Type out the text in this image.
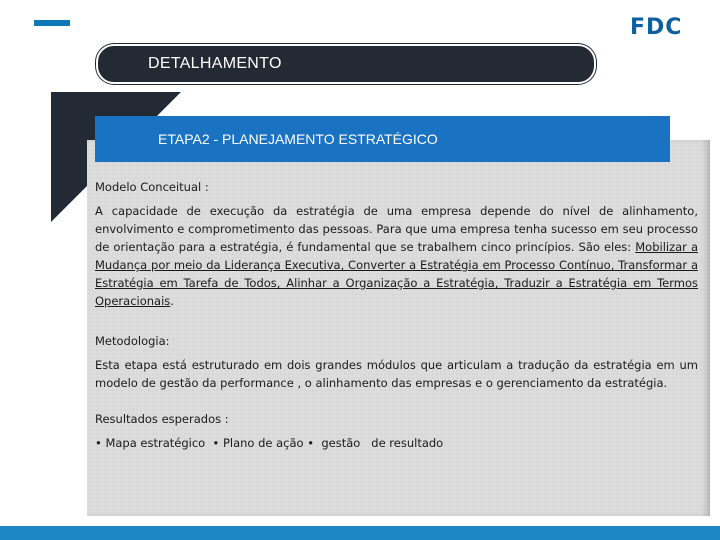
FDC
DETALHAMENTO
ETAPA2 - PLANEJAMENTO ESTRATÉGICO

Modelo Conceitual :

A capacidade de execução da estratégia de uma empresa depende do nível de alinhamento, envolvimento e comprometimento das pessoas. Para que uma empresa tenha sucesso em seu processo de orientação para a estratégia, é fundamental que se trabalhem cinco princípios. São eles: Mobilizar a Mudança por meio da Liderança Executiva, Converter a Estratégia em Processo Contínuo, Transformar a Estratégia em Tarefa de Todos, Alinhar a Organização a Estratégia, Traduzir a Estratégia em Termos Operacionais.

Metodologia:

Esta etapa está estruturado em dois grandes módulos que articulam a tradução da estratégia em um modelo de gestão da performance , o alinhamento das empresas e o gerenciamento da estratégia.

Resultados esperados :

• Mapa estratégico  • Plano de ação •  gestão   de resultado
